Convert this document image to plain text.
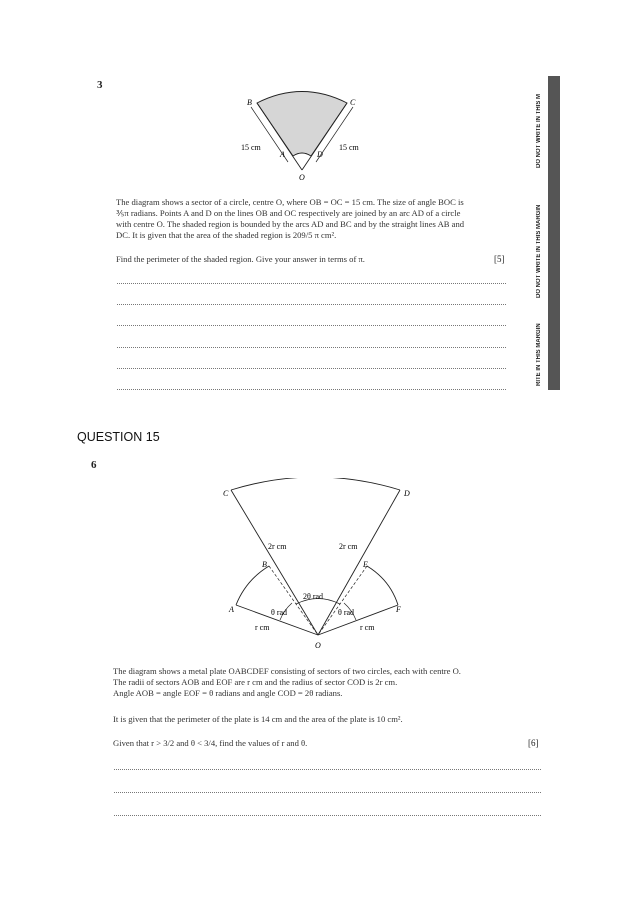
3
B	C
A	D
O
15 cm	15 cm
The diagram shows a sector of a circle, centre O, where OB = OC = 15 cm. The size of angle BOC is
⅗π radians. Points A and D on the lines OB and OC respectively are joined by an arc AD of a circle
with centre O. The shaded region is bounded by the arcs AD and BC and by the straight lines AB and
DC. It is given that the area of the shaded region is 209/5 π cm².
Find the perimeter of the shaded region. Give your answer in terms of π.	[5]
DO NOT WRITE IN THIS M
DO NOT WRITE IN THIS MARGIN
RITE IN THIS MARGIN
QUESTION 15
6
C	D
B	E
A	F
O
2r cm	2r cm
2θ rad
θ rad	θ rad
r cm	r cm
The diagram shows a metal plate OABCDEF consisting of sectors of two circles, each with centre O.
The radii of sectors AOB and EOF are r cm and the radius of sector COD is 2r cm.
Angle AOB = angle EOF = θ radians and angle COD = 2θ radians.
It is given that the perimeter of the plate is 14 cm and the area of the plate is 10 cm².
Given that r > 3/2 and θ < 3/4, find the values of r and θ.	[6]
